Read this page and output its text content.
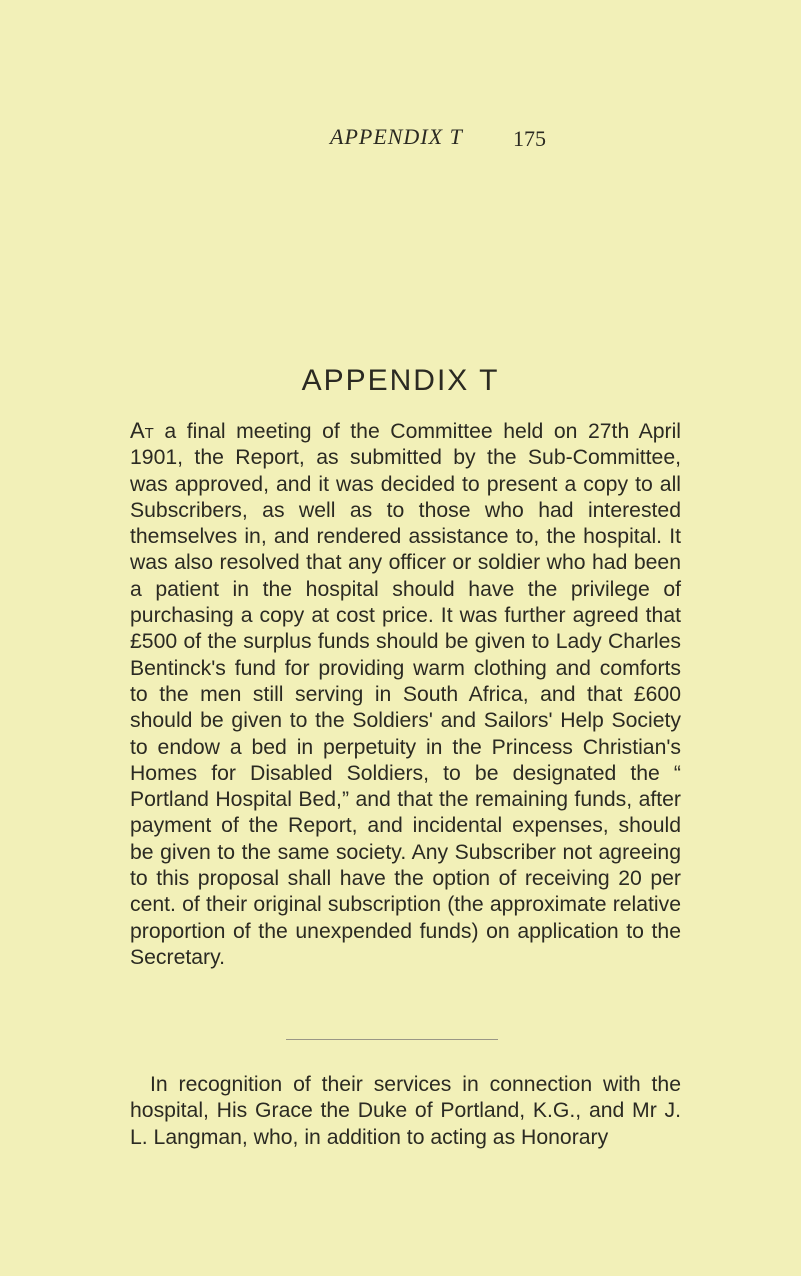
APPENDIX T 175
APPENDIX T

At a final meeting of the Committee held on 27th April 1901, the Report, as submitted by the Sub-Committee, was approved, and it was decided to present a copy to all Subscribers, as well as to those who had interested themselves in, and rendered assistance to, the hospital. It was also resolved that any officer or soldier who had been a patient in the hospital should have the privilege of purchasing a copy at cost price. It was further agreed that £500 of the surplus funds should be given to Lady Charles Bentinck's fund for providing warm clothing and comforts to the men still serving in South Africa, and that £600 should be given to the Soldiers' and Sailors' Help Society to endow a bed in perpetuity in the Princess Christian's Homes for Disabled Soldiers, to be designated the “ Portland Hospital Bed,” and that the remaining funds, after payment of the Report, and incidental expenses, should be given to the same society. Any Subscriber not agreeing to this proposal shall have the option of receiving 20 per cent. of their original subscription (the approximate relative proportion of the unexpended funds) on application to the Secretary.

In recognition of their services in connection with the hospital, His Grace the Duke of Portland, K.G., and Mr J. L. Langman, who, in addition to acting as Honorary
